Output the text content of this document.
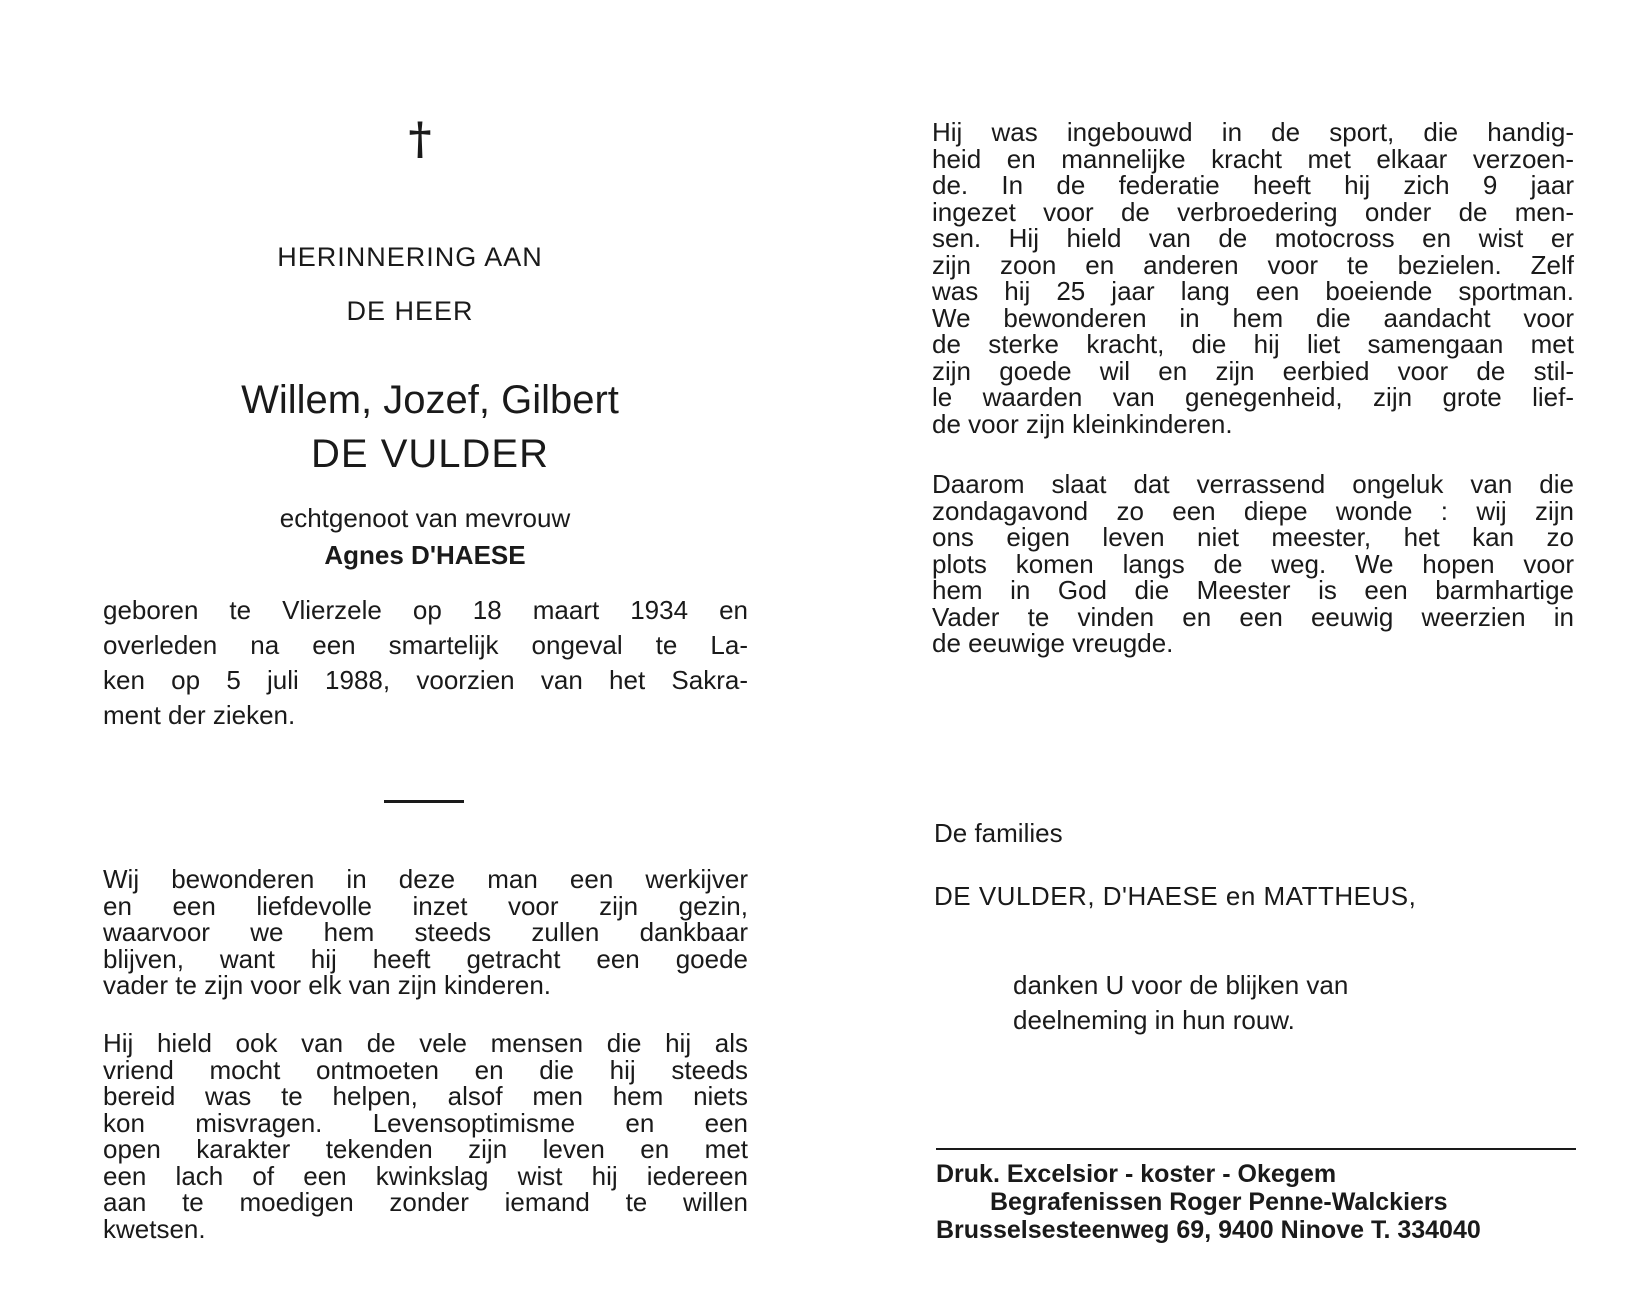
†
HERINNERING AAN
DE HEER
Willem, Jozef, Gilbert
DE VULDER
echtgenoot van mevrouw
Agnes D'HAESE
geboren te Vlierzele op 18 maart 1934 en
overleden na een smartelijk ongeval te La-
ken op 5 juli 1988, voorzien van het Sakra-
ment der zieken.
Wij bewonderen in deze man een werkijver
en een liefdevolle inzet voor zijn gezin,
waarvoor we hem steeds zullen dankbaar
blijven, want hij heeft getracht een goede
vader te zijn voor elk van zijn kinderen.
Hij hield ook van de vele mensen die hij als
vriend mocht ontmoeten en die hij steeds
bereid was te helpen, alsof men hem niets
kon misvragen. Levensoptimisme en een
open karakter tekenden zijn leven en met
een lach of een kwinkslag wist hij iedereen
aan te moedigen zonder iemand te willen
kwetsen.
Hij was ingebouwd in de sport, die handig-
heid en mannelijke kracht met elkaar verzoen-
de. In de federatie heeft hij zich 9 jaar
ingezet voor de verbroedering onder de men-
sen. Hij hield van de motocross en wist er
zijn zoon en anderen voor te bezielen. Zelf
was hij 25 jaar lang een boeiende sportman.
We bewonderen in hem die aandacht voor
de sterke kracht, die hij liet samengaan met
zijn goede wil en zijn eerbied voor de stil-
le waarden van genegenheid, zijn grote lief-
de voor zijn kleinkinderen.
Daarom slaat dat verrassend ongeluk van die
zondagavond zo een diepe wonde : wij zijn
ons eigen leven niet meester, het kan zo
plots komen langs de weg. We hopen voor
hem in God die Meester is een barmhartige
Vader te vinden en een eeuwig weerzien in
de eeuwige vreugde.
De families
DE VULDER, D'HAESE en MATTHEUS,
danken U voor de blijken van
deelneming in hun rouw.
Druk. Excelsior - koster - Okegem
Begrafenissen Roger Penne-Walckiers
Brusselsesteenweg 69, 9400 Ninove T. 334040
